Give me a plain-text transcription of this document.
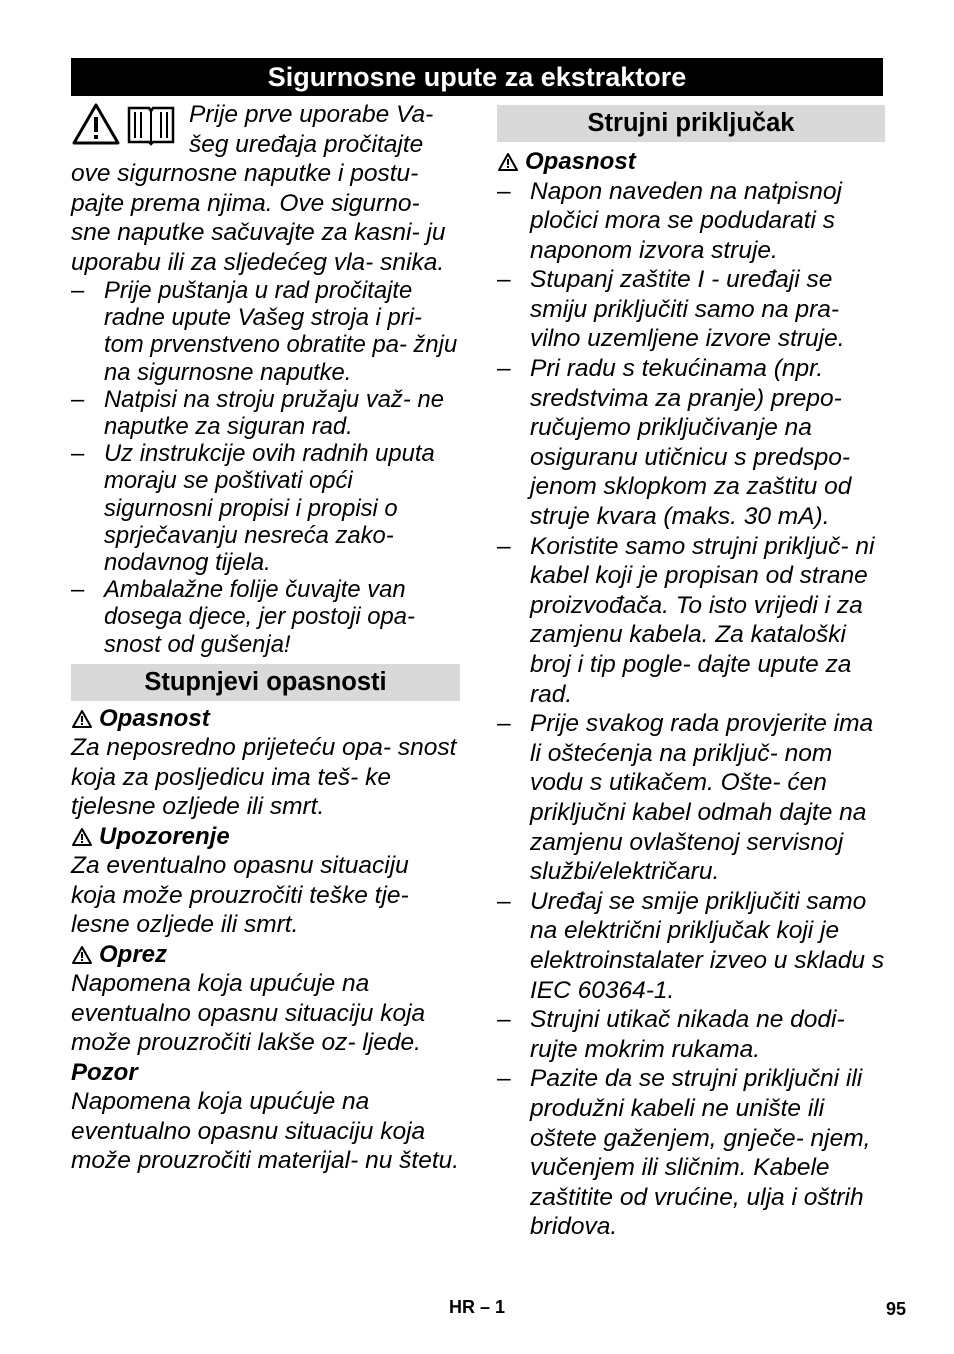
Sigurnosne upute za ekstraktore

Prije prve uporabe Va- šeg uređaja pročitajte ove sigurnosne naputke i postu- pajte prema njima. Ove sigurno- sne naputke sačuvajte za kasni- ju uporabu ili za sljedećeg vla- snika.

– Prije puštanja u rad pročitajte radne upute Vašeg stroja i pri- tom prvenstveno obratite pa- žnju na sigurnosne naputke.
– Natpisi na stroju pružaju važ- ne naputke za siguran rad.
– Uz instrukcije ovih radnih uputa moraju se poštivati opći sigurnosni propisi i propisi o sprječavanju nesreća zako- nodavnog tijela.
– Ambalažne folije čuvajte van dosega djece, jer postoji opa- snost od gušenja!
Stupnjevi opasnosti
Opasnost

Za neposredno prijeteću opa- snost koja za posljedicu ima teš- ke tjelesne ozljede ili smrt.

Upozorenje

Za eventualno opasnu situaciju koja može prouzročiti teške tje- lesne ozljede ili smrt.

Oprez

Napomena koja upućuje na eventualno opasnu situaciju koja može prouzročiti lakše oz- ljede.

Pozor

Napomena koja upućuje na eventualno opasnu situaciju koja može prouzročiti materijal- nu štetu.

Strujni priključak
Opasnost
– Napon naveden na natpisnoj pločici mora se podudarati s naponom izvora struje.
– Stupanj zaštite I - uređaji se smiju priključiti samo na pra- vilno uzemljene izvore struje.
– Pri radu s tekućinama (npr. sredstvima za pranje) prepo- ručujemo priključivanje na osiguranu utičnicu s predspo- jenom sklopkom za zaštitu od struje kvara (maks. 30 mA).
– Koristite samo strujni priključ- ni kabel koji je propisan od strane proizvođača. To isto vrijedi i za zamjenu kabela. Za kataloški broj i tip pogle- dajte upute za rad.
– Prije svakog rada provjerite ima li oštećenja na priključ- nom vodu s utikačem. Ošte- ćen priključni kabel odmah dajte na zamjenu ovlaštenoj servisnoj službi/električaru.
– Uređaj se smije priključiti samo na električni priključak koji je elektroinstalater izveo u skladu s IEC 60364-1.
– Strujni utikač nikada ne dodi- rujte mokrim rukama.
– Pazite da se strujni priključni ili produžni kabeli ne unište ili oštete gaženjem, gnječe- njem, vučenjem ili sličnim. Kabele zaštitite od vrućine, ulja i oštrih bridova.
HR – 1	95
